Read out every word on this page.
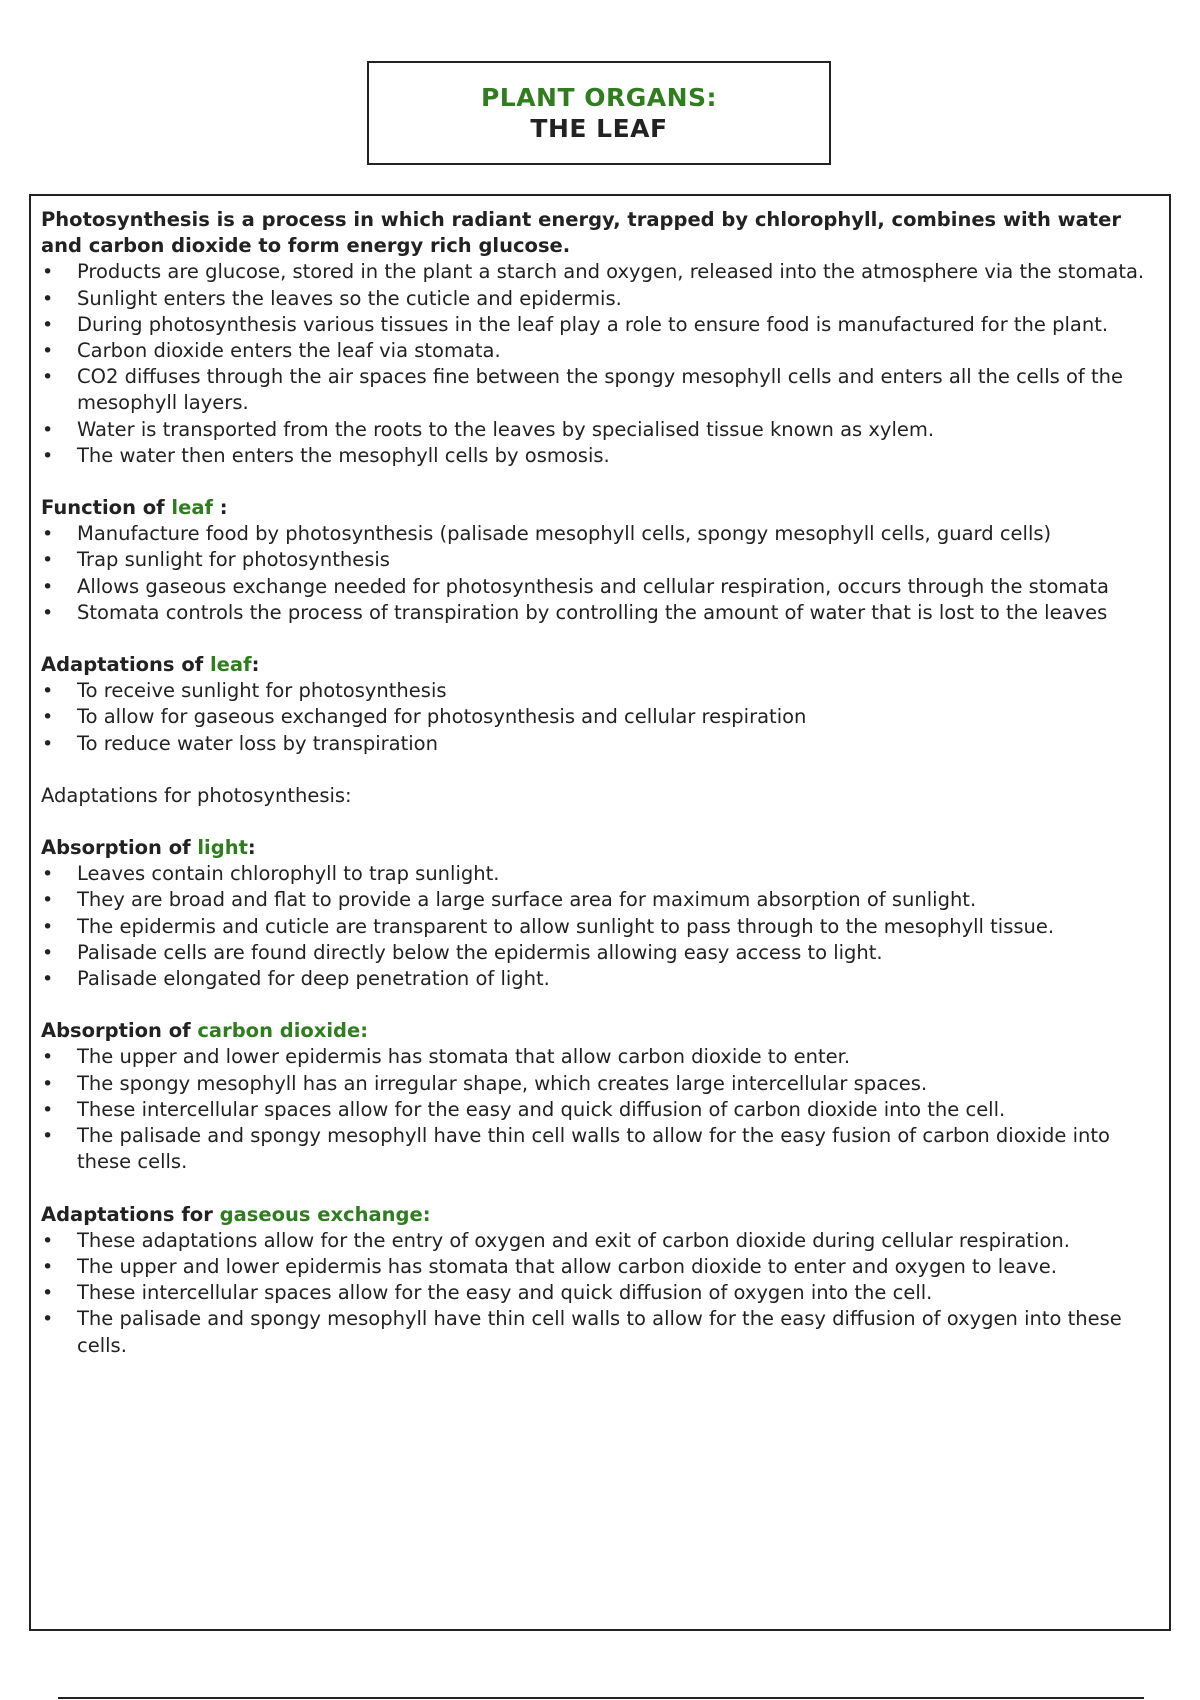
PLANT ORGANS:
THE LEAF

Photosynthesis is a process in which radiant energy, trapped by chlorophyll, combines with water and carbon dioxide to form energy rich glucose.

• Products are glucose, stored in the plant a starch and oxygen, released into the atmosphere via the stomata.
• Sunlight enters the leaves so the cuticle and epidermis.
• During photosynthesis various tissues in the leaf play a role to ensure food is manufactured for the plant.
• Carbon dioxide enters the leaf via stomata.
• CO2 diffuses through the air spaces fine between the spongy mesophyll cells and enters all the cells of the mesophyll layers.
• Water is transported from the roots to the leaves by specialised tissue known as xylem.
• The water then enters the mesophyll cells by osmosis.

Function of leaf :

• Manufacture food by photosynthesis (palisade mesophyll cells, spongy mesophyll cells, guard cells)
• Trap sunlight for photosynthesis
• Allows gaseous exchange needed for photosynthesis and cellular respiration, occurs through the stomata
• Stomata controls the process of transpiration by controlling the amount of water that is lost to the leaves

Adaptations of leaf:

• To receive sunlight for photosynthesis
• To allow for gaseous exchanged for photosynthesis and cellular respiration
• To reduce water loss by transpiration

Adaptations for photosynthesis:

Absorption of light:

• Leaves contain chlorophyll to trap sunlight.
• They are broad and flat to provide a large surface area for maximum absorption of sunlight.
• The epidermis and cuticle are transparent to allow sunlight to pass through to the mesophyll tissue.
• Palisade cells are found directly below the epidermis allowing easy access to light.
• Palisade elongated for deep penetration of light.

Absorption of carbon dioxide:

• The upper and lower epidermis has stomata that allow carbon dioxide to enter.
• The spongy mesophyll has an irregular shape, which creates large intercellular spaces.
• These intercellular spaces allow for the easy and quick diffusion of carbon dioxide into the cell.
• The palisade and spongy mesophyll have thin cell walls to allow for the easy fusion of carbon dioxide into these cells.

Adaptations for gaseous exchange:

• These adaptations allow for the entry of oxygen and exit of carbon dioxide during cellular respiration.
• The upper and lower epidermis has stomata that allow carbon dioxide to enter and oxygen to leave.
• These intercellular spaces allow for the easy and quick diffusion of oxygen into the cell.
• The palisade and spongy mesophyll have thin cell walls to allow for the easy diffusion of oxygen into these cells.
